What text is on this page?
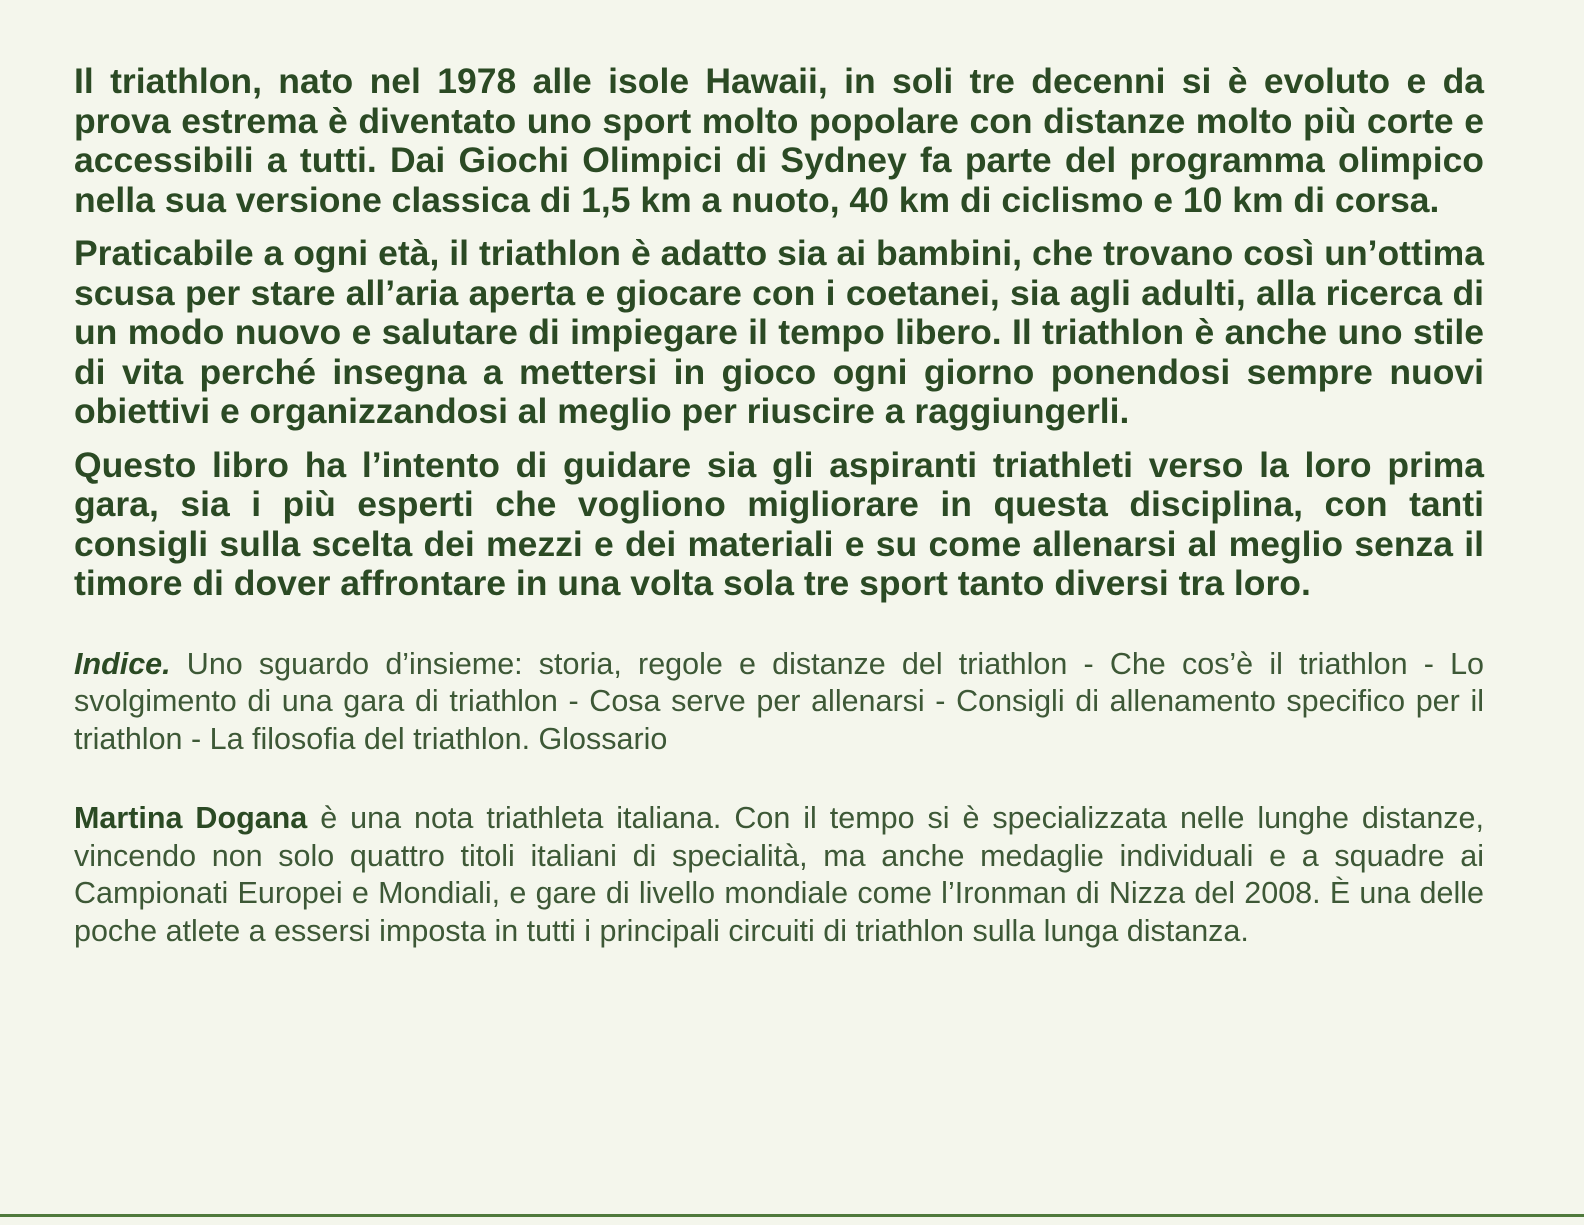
Il triathlon, nato nel 1978 alle isole Hawaii, in soli tre decenni si è evoluto e da prova estrema è diventato uno sport molto popolare con distanze molto più corte e accessibili a tutti. Dai Giochi Olimpici di Sydney fa parte del programma olimpico nella sua versione classica di 1,5 km a nuoto, 40 km di ciclismo e 10 km di corsa.

Praticabile a ogni età, il triathlon è adatto sia ai bambini, che trovano così un’ottima scusa per stare all’aria aperta e giocare con i coetanei, sia agli adulti, alla ricerca di un modo nuovo e salutare di impiegare il tempo libero. Il triathlon è anche uno stile di vita perché insegna a mettersi in gioco ogni giorno ponendosi sempre nuovi obiettivi e organizzandosi al meglio per riuscire a raggiungerli.

Questo libro ha l’intento di guidare sia gli aspiranti triathleti verso la loro prima gara, sia i più esperti che vogliono migliorare in questa disciplina, con tanti consigli sulla scelta dei mezzi e dei materiali e su come allenarsi al meglio senza il timore di dover affrontare in una volta sola tre sport tanto diversi tra loro.

Indice. Uno sguardo d’insieme: storia, regole e distanze del triathlon - Che cos’è il triathlon - Lo svolgimento di una gara di triathlon - Cosa serve per allenarsi - Consigli di allenamento specifico per il triathlon - La filosofia del triathlon. Glossario

Martina Dogana è una nota triathleta italiana. Con il tempo si è specializzata nelle lunghe distanze, vincendo non solo quattro titoli italiani di specialità, ma anche medaglie individuali e a squadre ai Campionati Europei e Mondiali, e gare di livello mondiale come l’Ironman di Nizza del 2008. È una delle poche atlete a essersi imposta in tutti i principali circuiti di triathlon sulla lunga distanza.
